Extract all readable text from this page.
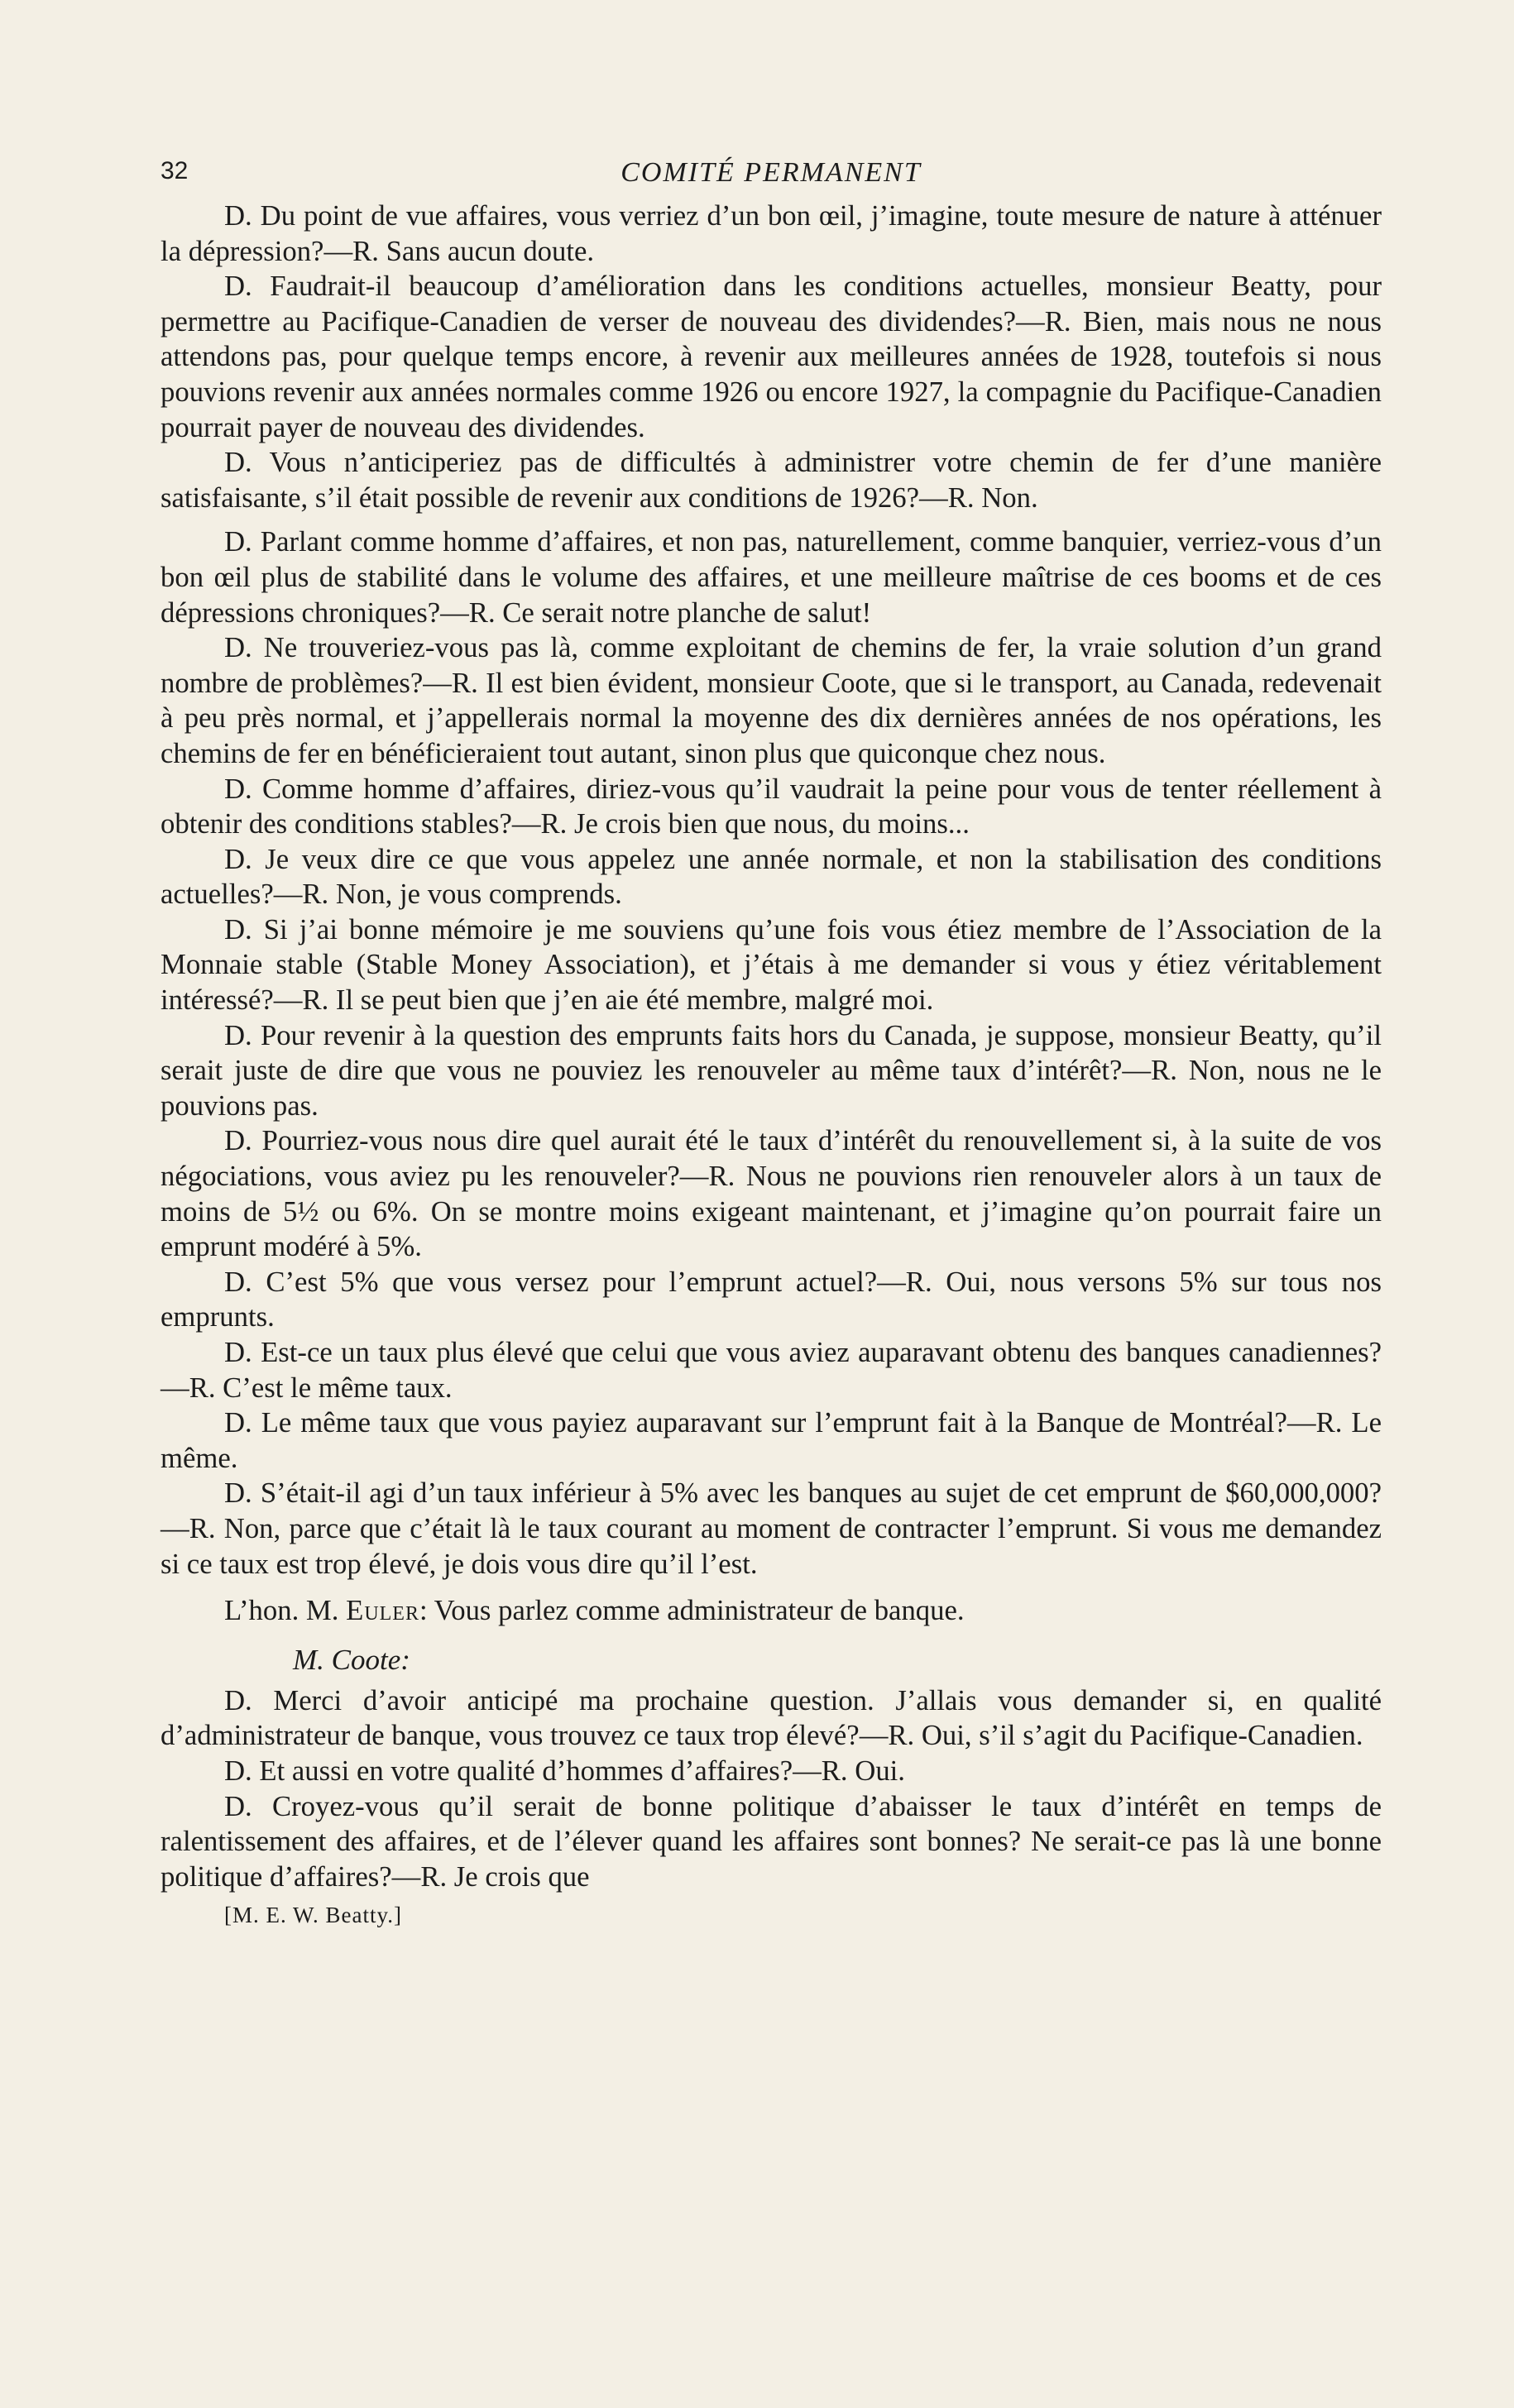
32	COMITÉ PERMANENT

D. Du point de vue affaires, vous verriez d’un bon œil, j’imagine, toute mesure de nature à atténuer la dépression?—R. Sans aucun doute.

D. Faudrait-il beaucoup d’amélioration dans les conditions actuelles, monsieur Beatty, pour permettre au Pacifique-Canadien de verser de nouveau des dividendes?—R. Bien, mais nous ne nous attendons pas, pour quelque temps encore, à revenir aux meilleures années de 1928, toutefois si nous pouvions revenir aux années normales comme 1926 ou encore 1927, la compagnie du Pacifique-Canadien pourrait payer de nouveau des dividendes.

D. Vous n’anticiperiez pas de difficultés à administrer votre chemin de fer d’une manière satisfaisante, s’il était possible de revenir aux conditions de 1926?—R. Non.

D. Parlant comme homme d’affaires, et non pas, naturellement, comme banquier, verriez-vous d’un bon œil plus de stabilité dans le volume des affaires, et une meilleure maîtrise de ces booms et de ces dépressions chroniques?—R. Ce serait notre planche de salut!

D. Ne trouveriez-vous pas là, comme exploitant de chemins de fer, la vraie solution d’un grand nombre de problèmes?—R. Il est bien évident, monsieur Coote, que si le transport, au Canada, redevenait à peu près normal, et j’appellerais normal la moyenne des dix dernières années de nos opérations, les chemins de fer en bénéficieraient tout autant, sinon plus que quiconque chez nous.

D. Comme homme d’affaires, diriez-vous qu’il vaudrait la peine pour vous de tenter réellement à obtenir des conditions stables?—R. Je crois bien que nous, du moins...

D. Je veux dire ce que vous appelez une année normale, et non la stabilisation des conditions actuelles?—R. Non, je vous comprends.

D. Si j’ai bonne mémoire je me souviens qu’une fois vous étiez membre de l’Association de la Monnaie stable (Stable Money Association), et j’étais à me demander si vous y étiez véritablement intéressé?—R. Il se peut bien que j’en aie été membre, malgré moi.

D. Pour revenir à la question des emprunts faits hors du Canada, je suppose, monsieur Beatty, qu’il serait juste de dire que vous ne pouviez les renouveler au même taux d’intérêt?—R. Non, nous ne le pouvions pas.

D. Pourriez-vous nous dire quel aurait été le taux d’intérêt du renouvellement si, à la suite de vos négociations, vous aviez pu les renouveler?—R. Nous ne pouvions rien renouveler alors à un taux de moins de 5½ ou 6%. On se montre moins exigeant maintenant, et j’imagine qu’on pourrait faire un emprunt modéré à 5%.

D. C’est 5% que vous versez pour l’emprunt actuel?—R. Oui, nous versons 5% sur tous nos emprunts.

D. Est-ce un taux plus élevé que celui que vous aviez auparavant obtenu des banques canadiennes?—R. C’est le même taux.

D. Le même taux que vous payiez auparavant sur l’emprunt fait à la Banque de Montréal?—R. Le même.

D. S’était-il agi d’un taux inférieur à 5% avec les banques au sujet de cet emprunt de $60,000,000?—R. Non, parce que c’était là le taux courant au moment de contracter l’emprunt. Si vous me demandez si ce taux est trop élevé, je dois vous dire qu’il l’est.

L’hon. M. Euler: Vous parlez comme administrateur de banque.

M. Coote:

D. Merci d’avoir anticipé ma prochaine question. J’allais vous demander si, en qualité d’administrateur de banque, vous trouvez ce taux trop élevé?—R. Oui, s’il s’agit du Pacifique-Canadien.

D. Et aussi en votre qualité d’hommes d’affaires?—R. Oui.

D. Croyez-vous qu’il serait de bonne politique d’abaisser le taux d’intérêt en temps de ralentissement des affaires, et de l’élever quand les affaires sont bonnes? Ne serait-ce pas là une bonne politique d’affaires?—R. Je crois que

[M. E. W. Beatty.]
